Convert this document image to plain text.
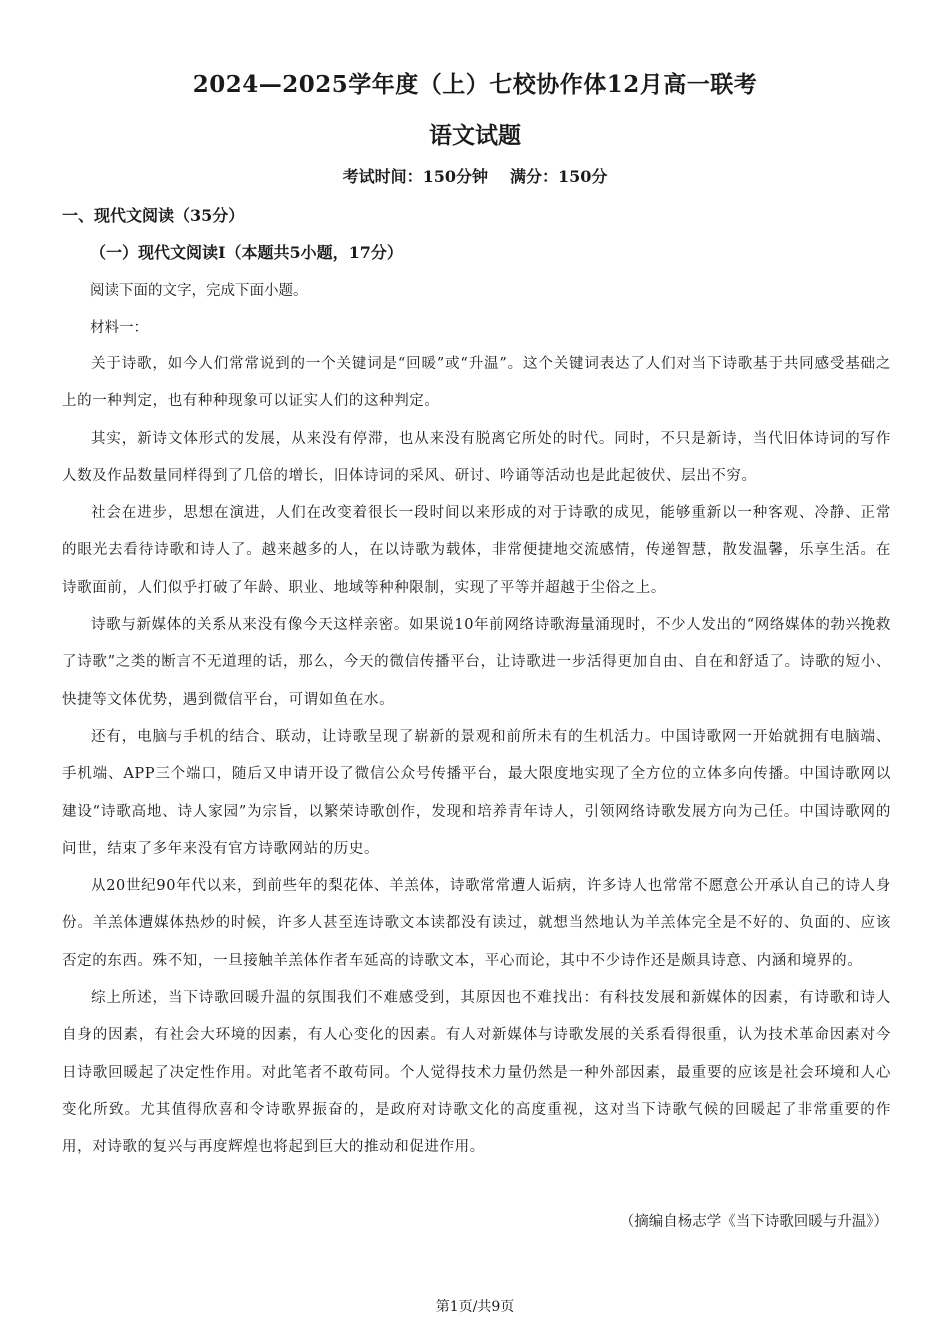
2024—2025学年度（上）七校协作体12月高一联考
语文试题
考试时间：150分钟 满分：150分
一、现代文阅读（35分）
（一）现代文阅读Ⅰ（本题共5小题，17分）
阅读下面的文字，完成下面小题。
材料一：

关于诗歌，如今人们常常说到的一个关键词是“回暖”或“升温”。这个关键词表达了人们对当下诗歌基于共同感受基础之上的一种判定，也有种种现象可以证实人们的这种判定。

其实，新诗文体形式的发展，从来没有停滞，也从来没有脱离它所处的时代。同时，不只是新诗，当代旧体诗词的写作人数及作品数量同样得到了几倍的增长，旧体诗词的采风、研讨、吟诵等活动也是此起彼伏、层出不穷。

社会在进步，思想在演进，人们在改变着很长一段时间以来形成的对于诗歌的成见，能够重新以一种客观、冷静、正常的眼光去看待诗歌和诗人了。越来越多的人，在以诗歌为载体，非常便捷地交流感情，传递智慧，散发温馨，乐享生活。在诗歌面前，人们似乎打破了年龄、职业、地域等种种限制，实现了平等并超越于尘俗之上。

诗歌与新媒体的关系从来没有像今天这样亲密。如果说10年前网络诗歌海量涌现时，不少人发出的“网络媒体的勃兴挽救了诗歌”之类的断言不无道理的话，那么，今天的微信传播平台，让诗歌进一步活得更加自由、自在和舒适了。诗歌的短小、快捷等文体优势，遇到微信平台，可谓如鱼在水。

还有，电脑与手机的结合、联动，让诗歌呈现了崭新的景观和前所未有的生机活力。中国诗歌网一开始就拥有电脑端、手机端、APP三个端口，随后又申请开设了微信公众号传播平台，最大限度地实现了全方位的立体多向传播。中国诗歌网以建设“诗歌高地、诗人家园”为宗旨，以繁荣诗歌创作，发现和培养青年诗人，引领网络诗歌发展方向为己任。中国诗歌网的问世，结束了多年来没有官方诗歌网站的历史。

从20世纪90年代以来，到前些年的梨花体、羊羔体，诗歌常常遭人诟病，许多诗人也常常不愿意公开承认自己的诗人身份。羊羔体遭媒体热炒的时候，许多人甚至连诗歌文本读都没有读过，就想当然地认为羊羔体完全是不好的、负面的、应该否定的东西。殊不知，一旦接触羊羔体作者车延高的诗歌文本，平心而论，其中不少诗作还是颇具诗意、内涵和境界的。

综上所述，当下诗歌回暖升温的氛围我们不难感受到，其原因也不难找出：有科技发展和新媒体的因素，有诗歌和诗人自身的因素，有社会大环境的因素，有人心变化的因素。有人对新媒体与诗歌发展的关系看得很重，认为技术革命因素对今日诗歌回暖起了决定性作用。对此笔者不敢苟同。个人觉得技术力量仍然是一种外部因素，最重要的应该是社会环境和人心变化所致。尤其值得欣喜和令诗歌界振奋的，是政府对诗歌文化的高度重视，这对当下诗歌气候的回暖起了非常重要的作用，对诗歌的复兴与再度辉煌也将起到巨大的推动和促进作用。

（摘编自杨志学《当下诗歌回暖与升温》）
第1页/共9页
